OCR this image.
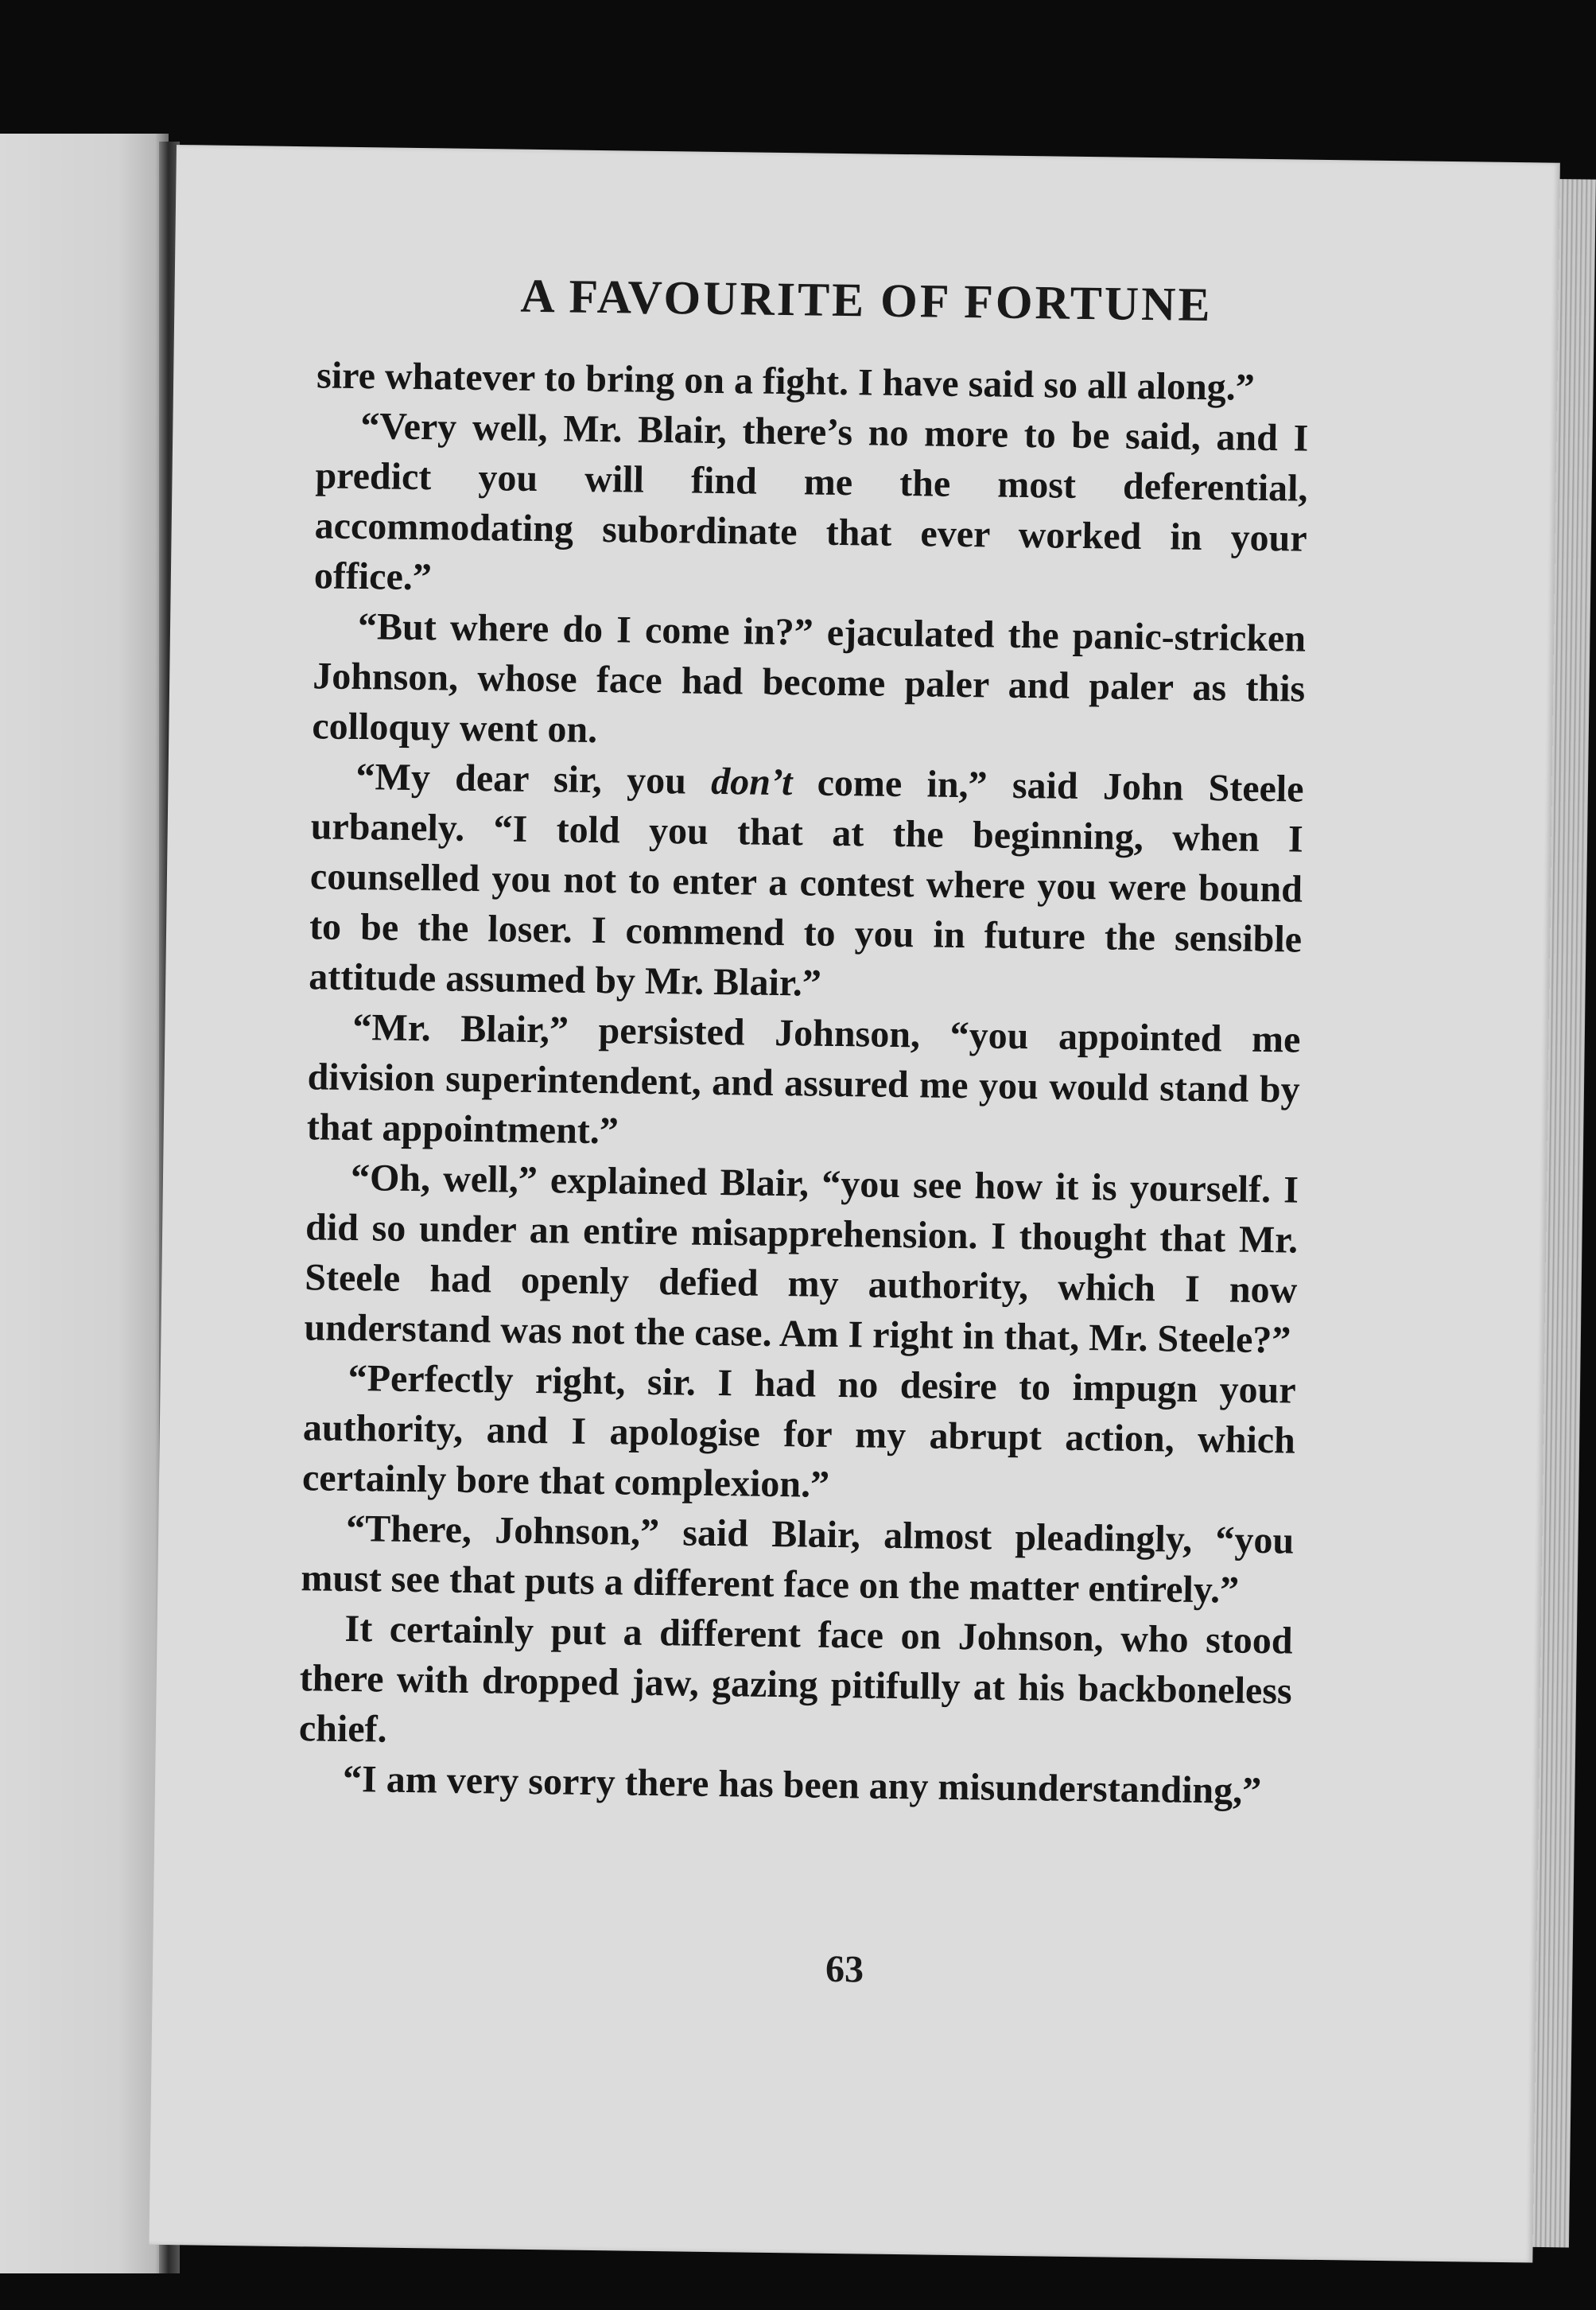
A FAVOURITE OF FORTUNE

sire whatever to bring on a fight. I have said so all along.”

“Very well, Mr. Blair, there’s no more to be said, and I predict you will find me the most deferential, accommodating subordinate that ever worked in your office.”

“But where do I come in?” ejaculated the panic-stricken Johnson, whose face had become paler and paler as this colloquy went on.

“My dear sir, you don’t come in,” said John Steele urbanely. “I told you that at the beginning, when I counselled you not to enter a contest where you were bound to be the loser. I commend to you in future the sensible attitude assumed by Mr. Blair.”

“Mr. Blair,” persisted Johnson, “you appointed me division superintendent, and assured me you would stand by that appointment.”

“Oh, well,” explained Blair, “you see how it is yourself. I did so under an entire misapprehension. I thought that Mr. Steele had openly defied my authority, which I now understand was not the case. Am I right in that, Mr. Steele?”

“Perfectly right, sir. I had no desire to impugn your authority, and I apologise for my abrupt action, which certainly bore that complexion.”

“There, Johnson,” said Blair, almost pleadingly, “you must see that puts a different face on the matter entirely.”

It certainly put a different face on Johnson, who stood there with dropped jaw, gazing pitifully at his backboneless chief.

“I am very sorry there has been any misunderstanding,”

63
